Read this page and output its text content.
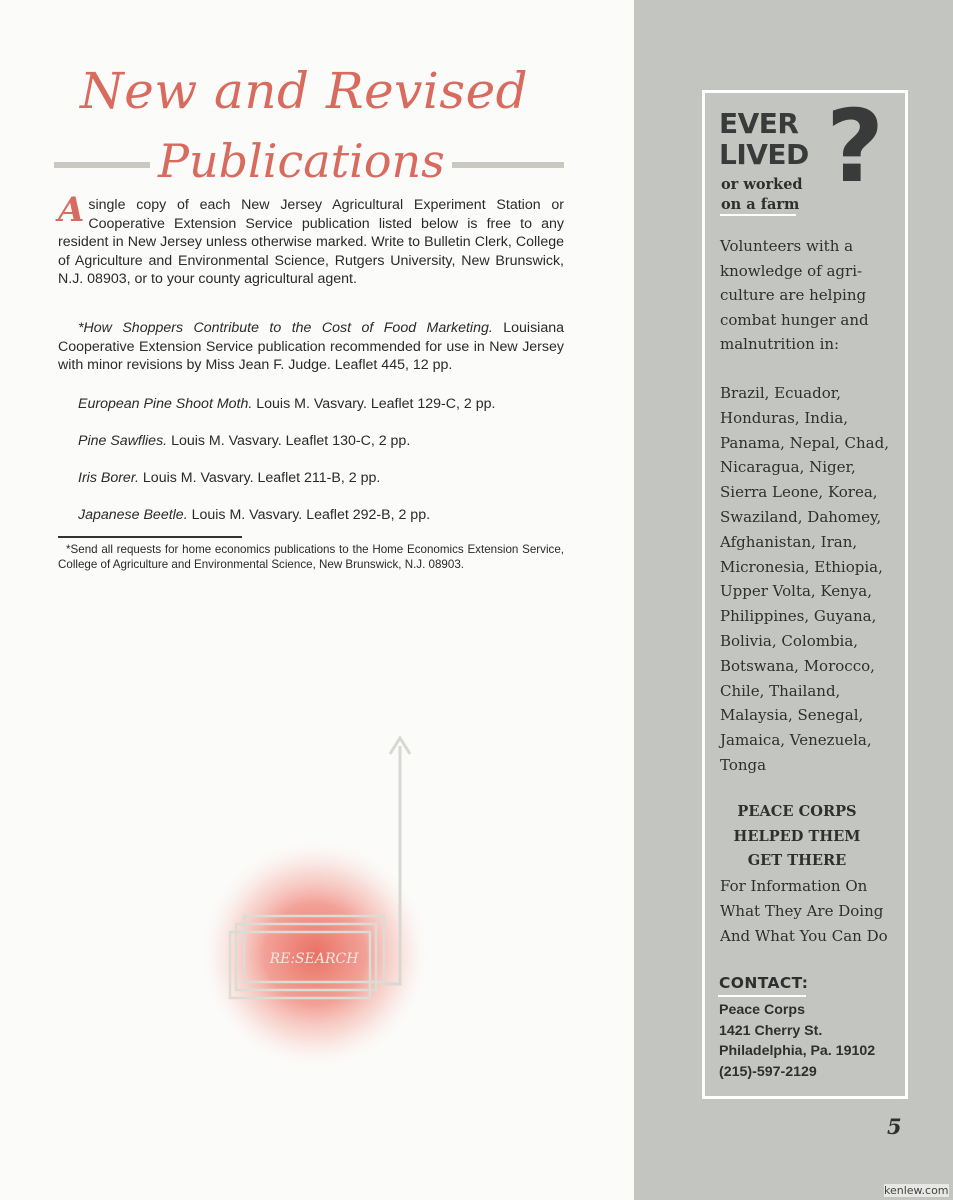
New and Revised
Publications
A single copy of each New Jersey Agricultural Experiment Station or Cooperative Extension Service publication listed below is free to any resident in New Jersey unless otherwise marked. Write to Bulletin Clerk, College of Agriculture and Environmental Science, Rutgers University, New Brunswick, N.J. 08903, or to your county agricultural agent.
*How Shoppers Contribute to the Cost of Food Marketing. Louisiana Cooperative Extension Service publication recommended for use in New Jersey with minor revisions by Miss Jean F. Judge. Leaflet 445, 12 pp.
European Pine Shoot Moth. Louis M. Vasvary. Leaflet 129-C, 2 pp.
Pine Sawflies. Louis M. Vasvary. Leaflet 130-C, 2 pp.
Iris Borer. Louis M. Vasvary. Leaflet 211-B, 2 pp.
Japanese Beetle. Louis M. Vasvary. Leaflet 292-B, 2 pp.
*Send all requests for home economics publications to the Home Economics Extension Service, College of Agriculture and Environmental Science, New Brunswick, N.J. 08903.
RE:SEARCH
EVER
LIVED ?
or worked
on a farm
Volunteers with a
knowledge of agri-
culture are helping
combat hunger and
malnutrition in:
Brazil, Ecuador,
Honduras, India,
Panama, Nepal, Chad,
Nicaragua, Niger,
Sierra Leone, Korea,
Swaziland, Dahomey,
Afghanistan, Iran,
Micronesia, Ethiopia,
Upper Volta, Kenya,
Philippines, Guyana,
Bolivia, Colombia,
Botswana, Morocco,
Chile, Thailand,
Malaysia, Senegal,
Jamaica, Venezuela,
Tonga
PEACE CORPS
HELPED THEM
GET THERE
For Information On
What They Are Doing
And What You Can Do
CONTACT:
Peace Corps
1421 Cherry St.
Philadelphia, Pa. 19102
(215)-597-2129
5
kenlew.com
